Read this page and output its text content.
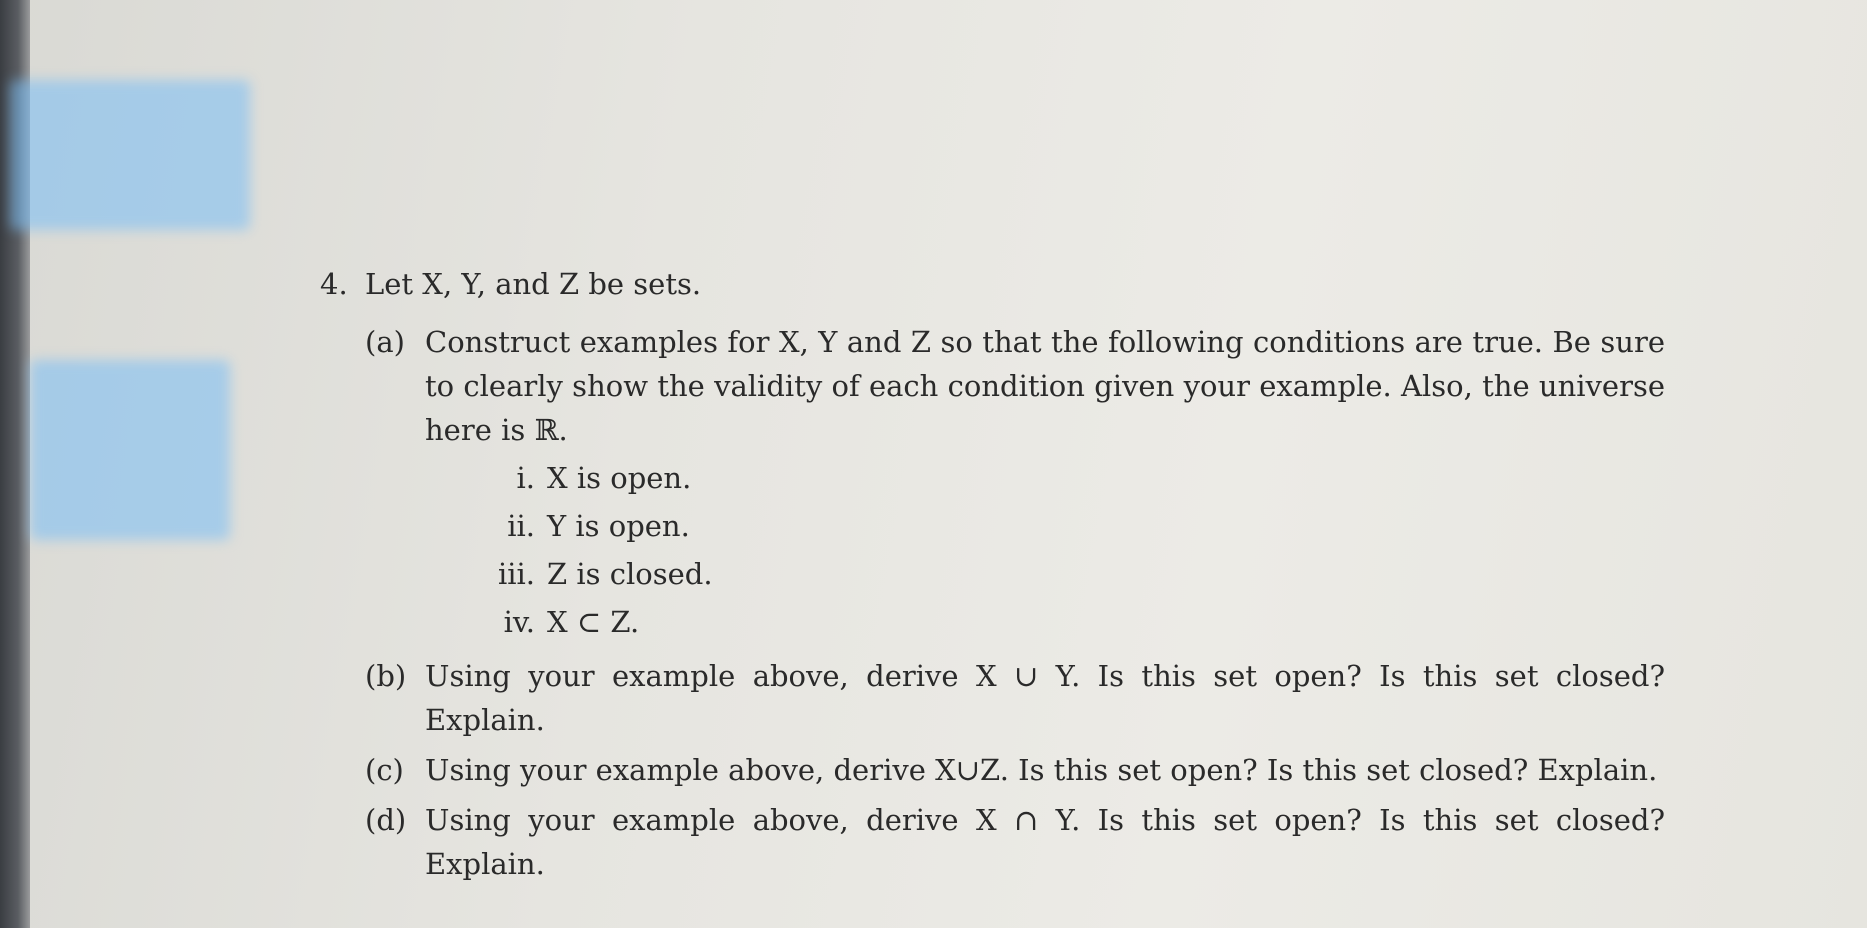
4. Let X, Y, and Z be sets.
(a) Construct examples for X, Y and Z so that the following conditions are true. Be sure to clearly show the validity of each condition given your example. Also, the universe here is ℝ.
i. X is open.
ii. Y is open.
iii. Z is closed.
iv. X ⊂ Z.
(b) Using your example above, derive X ∪ Y. Is this set open? Is this set closed? Explain.
(c) Using your example above, derive X∪Z. Is this set open? Is this set closed? Explain.
(d) Using your example above, derive X ∩ Y. Is this set open? Is this set closed? Explain.
